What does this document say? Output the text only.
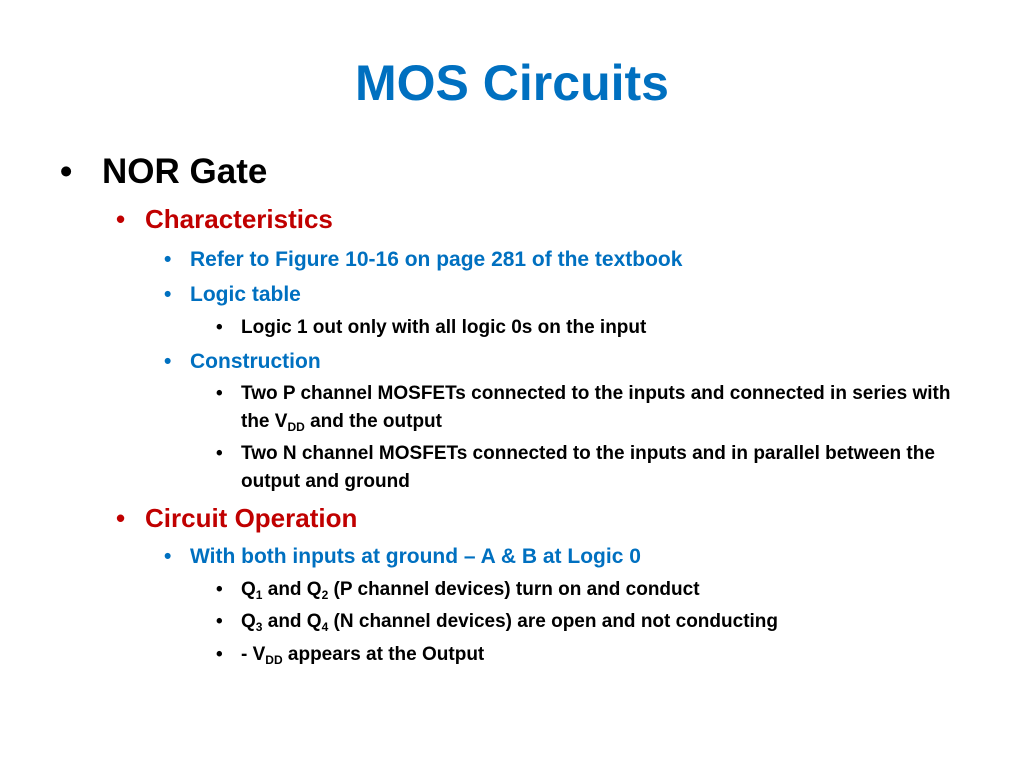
MOS Circuits
• NOR Gate
• Characteristics
• Refer to Figure 10-16 on page 281 of the textbook
• Logic table
• Logic 1 out only with all logic 0s on the input
• Construction
• Two P channel MOSFETs connected to the inputs and connected in series with the $V_{DD}$ and the output
• Two N channel MOSFETs connected to the inputs and in parallel between the output and ground
• Circuit Operation
• With both inputs at ground – A & B at Logic 0
• $Q_1$ and $Q_2$ (P channel devices) turn on and conduct
• $Q_3$ and $Q_4$ (N channel devices) are open and not conducting
• - $V_{DD}$ appears at the Output
